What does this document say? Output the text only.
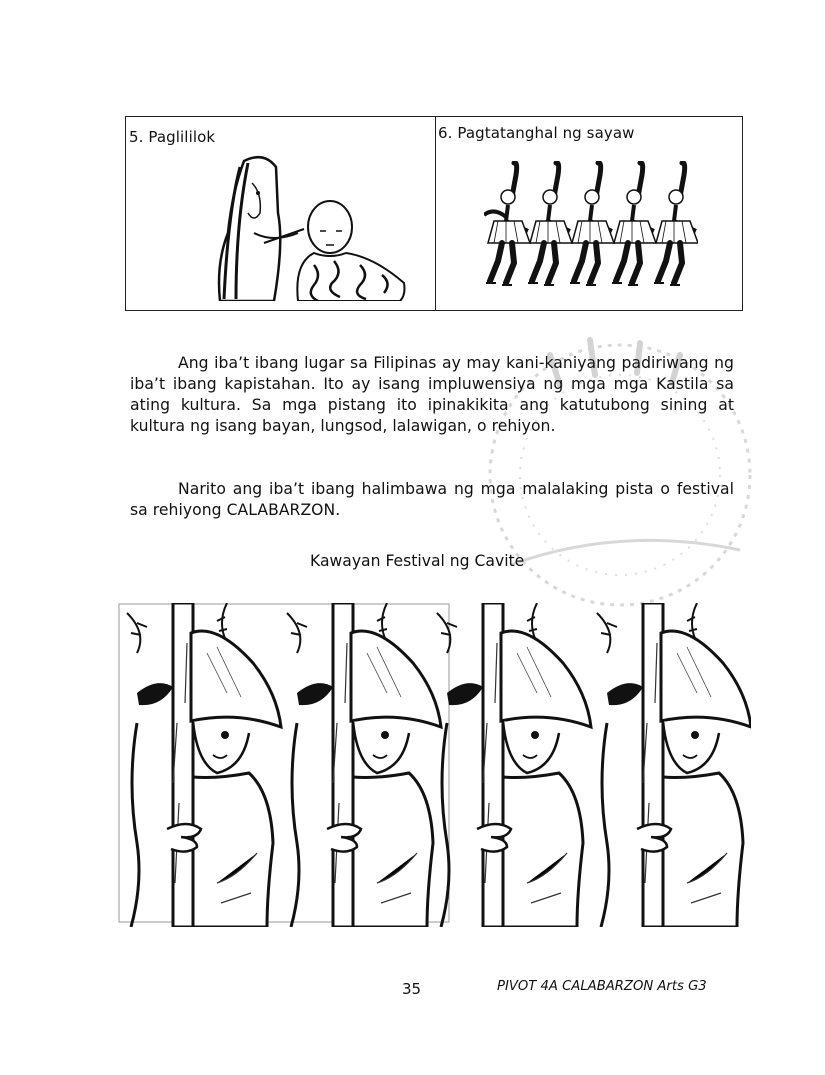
5. Paglililok	6. Pagtatanghal ng sayaw

Ang iba’t ibang lugar sa Filipinas ay may kani-kaniyang padiriwang ng iba’t ibang kapistahan. Ito ay isang impluwensiya ng mga mga Kastila sa ating kultura. Sa mga pistang ito ipinakikita ang katutubong sining at kultura ng isang bayan, lungsod, lalawigan, o rehiyon.

Narito ang iba’t ibang halimbawa ng mga malalaking pista o festival sa rehiyong CALABARZON.

Kawayan Festival ng Cavite
35	PIVOT 4A CALABARZON Arts G3
